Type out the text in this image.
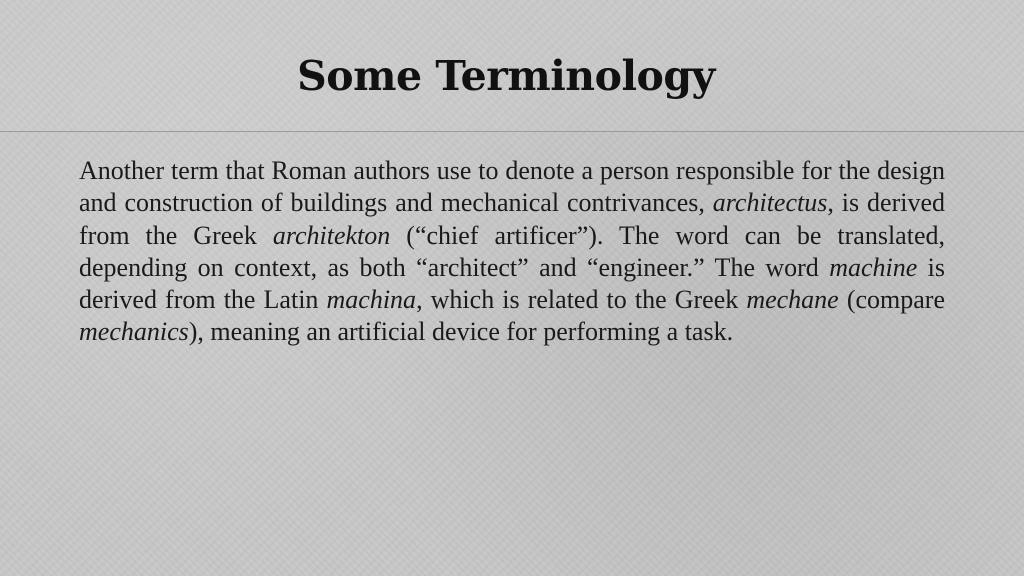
Some Terminology

Another term that Roman authors use to denote a person responsible for the design and construction of buildings and mechanical contrivances, architectus, is derived from the Greek architekton (“chief artificer”). The word can be translated, depending on context, as both “architect” and “engineer.” The word machine is derived from the Latin machina, which is related to the Greek mechane (compare mechanics), meaning an artificial device for performing a task.
